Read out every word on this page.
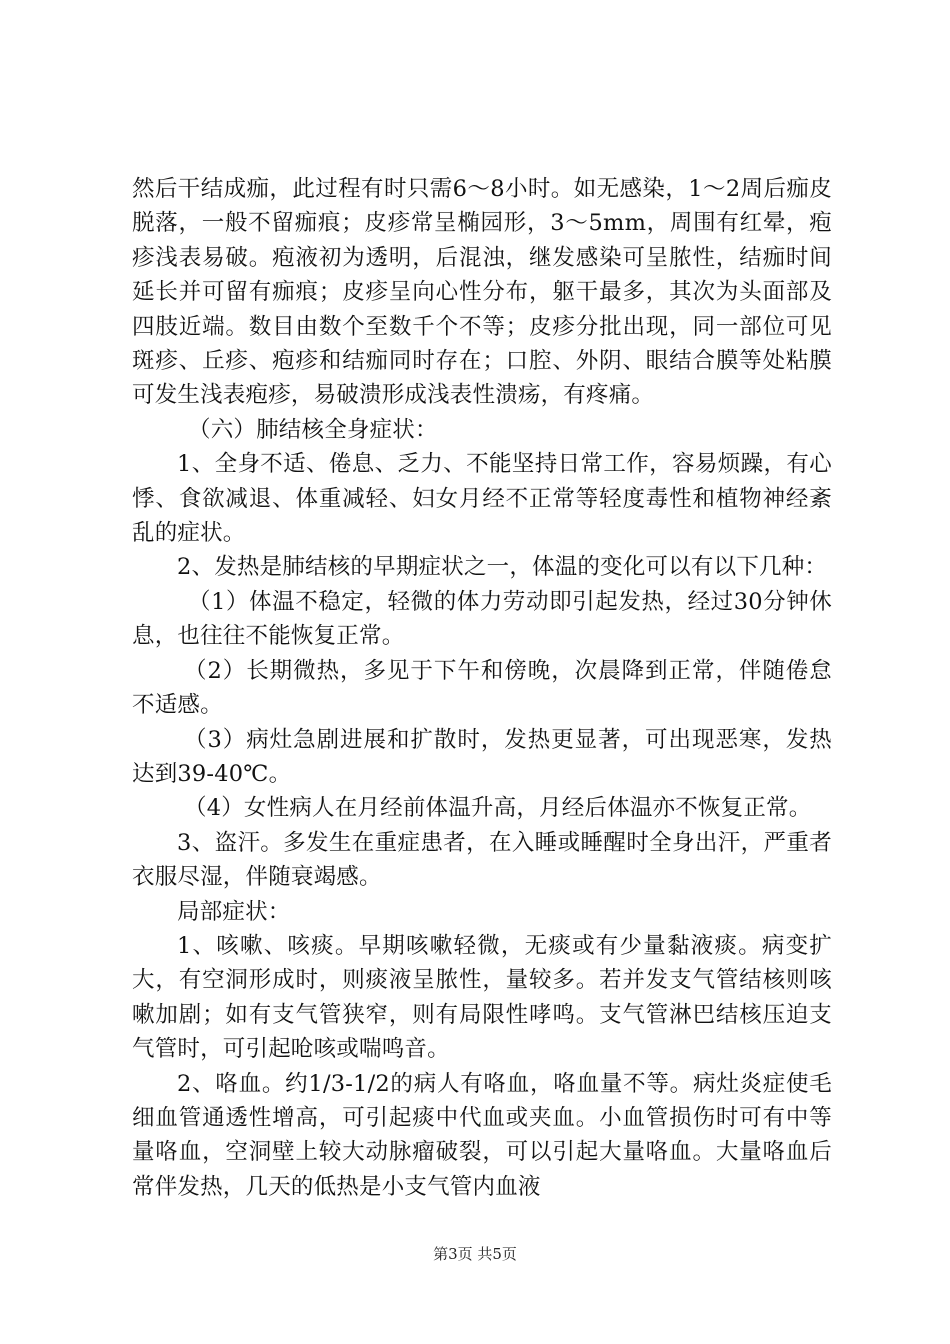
然后干结成痂，此过程有时只需6～8小时。如无感染，1～2周后痂皮脱落，一般不留痂痕；皮疹常呈椭园形，3～5mm，周围有红晕，疱疹浅表易破。疱液初为透明，后混浊，继发感染可呈脓性，结痂时间延长并可留有痂痕；皮疹呈向心性分布，躯干最多，其次为头面部及四肢近端。数目由数个至数千个不等；皮疹分批出现，同一部位可见斑疹、丘疹、疱疹和结痂同时存在；口腔、外阴、眼结合膜等处粘膜可发生浅表疱疹，易破溃形成浅表性溃疡，有疼痛。

（六）肺结核全身症状：

1、全身不适、倦息、乏力、不能坚持日常工作，容易烦躁，有心悸、食欲减退、体重减轻、妇女月经不正常等轻度毒性和植物神经紊乱的症状。

2、发热是肺结核的早期症状之一，体温的变化可以有以下几种：

（1）体温不稳定，轻微的体力劳动即引起发热，经过30分钟休息，也往往不能恢复正常。

（2）长期微热，多见于下午和傍晚，次晨降到正常，伴随倦怠不适感。

（3）病灶急剧进展和扩散时，发热更显著，可出现恶寒，发热达到39-40℃。

（4）女性病人在月经前体温升高，月经后体温亦不恢复正常。

3、盗汗。多发生在重症患者，在入睡或睡醒时全身出汗，严重者衣服尽湿，伴随衰竭感。

局部症状：

1、咳嗽、咳痰。早期咳嗽轻微，无痰或有少量黏液痰。病变扩大，有空洞形成时，则痰液呈脓性，量较多。若并发支气管结核则咳嗽加剧；如有支气管狭窄，则有局限性哮鸣。支气管淋巴结核压迫支气管时，可引起呛咳或喘鸣音。

2、咯血。约1/3-1/2的病人有咯血，咯血量不等。病灶炎症使毛细血管通透性增高，可引起痰中代血或夹血。小血管损伤时可有中等量咯血，空洞壁上较大动脉瘤破裂，可以引起大量咯血。大量咯血后常伴发热，几天的低热是小支气管内血液

第3页 共5页
